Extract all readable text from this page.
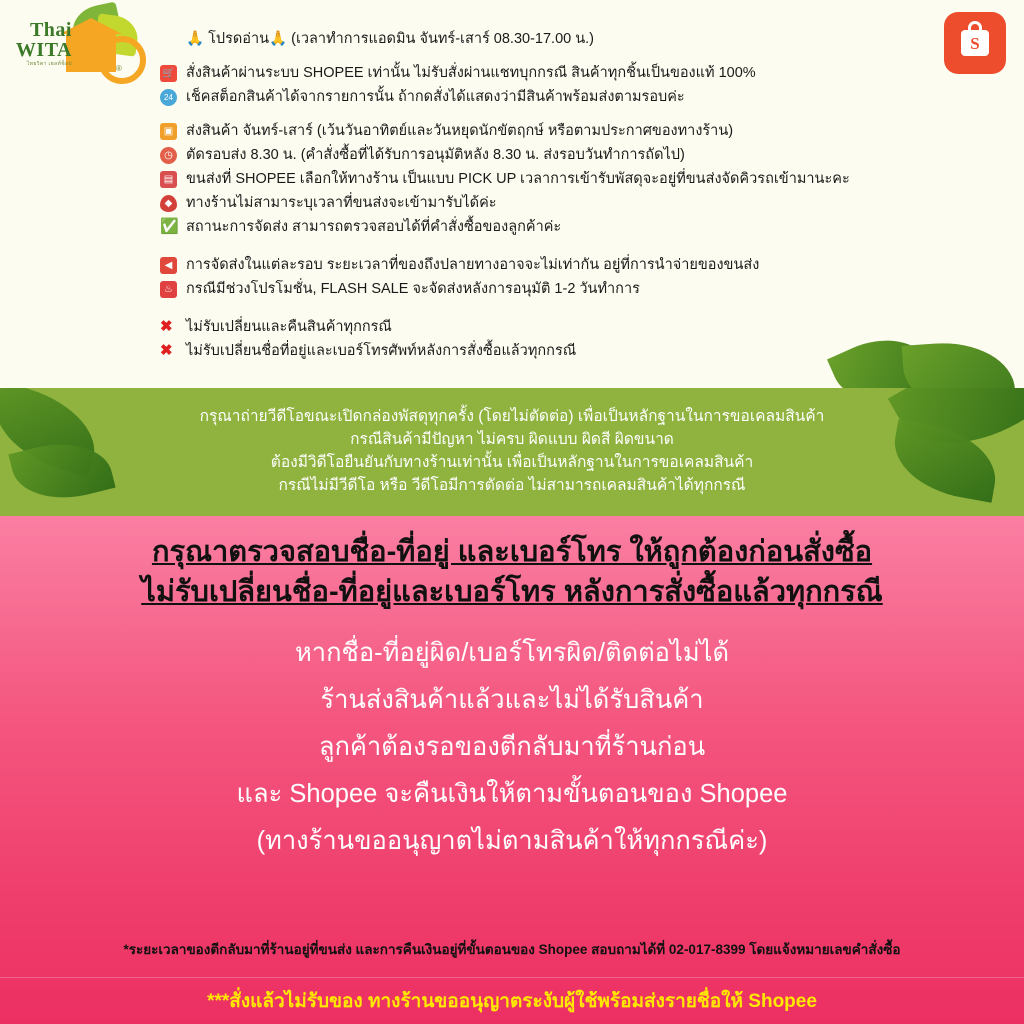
Thai
WITA
ไทยวิตา เฮลท์ช็อป	®
S
🙏 โปรดอ่าน🙏 (เวลาทำการแอดมิน จันทร์-เสาร์ 08.30-17.00 น.)
🛒 สั่งสินค้าผ่านระบบ SHOPEE เท่านั้น ไม่รับสั่งผ่านแชทบุกกรณี สินค้าทุกชิ้นเป็นของแท้ 100%
24 เช็คสต็อกสินค้าได้จากรายการนั้น ถ้ากดสั่งได้แสดงว่ามีสินค้าพร้อมส่งตามรอบค่ะ
▣ ส่งสินค้า จันทร์-เสาร์ (เว้นวันอาทิตย์และวันหยุดนักขัตฤกษ์ หรือตามประกาศของทางร้าน)
◷ ตัดรอบส่ง 8.30 น. (คำสั่งซื้อที่ได้รับการอนุมัติหลัง 8.30 น. ส่งรอบวันทำการถัดไป)
▤ ขนส่งที่ SHOPEE เลือกให้ทางร้าน เป็นแบบ PICK UP เวลาการเข้ารับพัสดุจะอยู่ที่ขนส่งจัดคิวรถเข้ามานะคะ
◆ ทางร้านไม่สามาระบุเวลาที่ขนส่งจะเข้ามารับได้ค่ะ
✅ สถานะการจัดส่ง สามารถตรวจสอบได้ที่คำสั่งซื้อของลูกค้าค่ะ
◀ การจัดส่งในแต่ละรอบ ระยะเวลาที่ของถึงปลายทางอาจจะไม่เท่ากัน อยู่ที่การนำจ่ายของขนส่ง
♨ กรณีมีช่วงโปรโมชั่น, FLASH SALE จะจัดส่งหลังการอนุมัติ 1-2 วันทำการ
✖ ไม่รับเปลี่ยนและคืนสินค้าทุกกรณี
✖ ไม่รับเปลี่ยนชื่อที่อยู่และเบอร์โทรศัพท์หลังการสั่งซื้อแล้วทุกกรณี
กรุณาถ่ายวีดีโอขณะเปิดกล่องพัสดุทุกครั้ง (โดยไม่ตัดต่อ) เพื่อเป็นหลักฐานในการขอเคลมสินค้า
กรณีสินค้ามีปัญหา ไม่ครบ ผิดแบบ ผิดสี ผิดขนาด
ต้องมีวิดีโอยืนยันกับทางร้านเท่านั้น เพื่อเป็นหลักฐานในการขอเคลมสินค้า
กรณีไม่มีวีดีโอ หรือ วีดีโอมีการตัดต่อ ไม่สามารถเคลมสินค้าได้ทุกกรณี
กรุณาตรวจสอบชื่อ-ที่อยู่ และเบอร์โทร ให้ถูกต้องก่อนสั่งซื้อ
ไม่รับเปลี่ยนชื่อ-ที่อยู่และเบอร์โทร หลังการสั่งซื้อแล้วทุกกรณี
หากชื่อ-ที่อยู่ผิด/เบอร์โทรผิด/ติดต่อไม่ได้
ร้านส่งสินค้าแล้วและไม่ได้รับสินค้า
ลูกค้าต้องรอของตีกลับมาที่ร้านก่อน
และ Shopee จะคืนเงินให้ตามขั้นตอนของ Shopee
(ทางร้านขออนุญาตไม่ตามสินค้าให้ทุกกรณีค่ะ)
*ระยะเวลาของตีกลับมาที่ร้านอยู่ที่ขนส่ง และการคืนเงินอยู่ที่ขั้นตอนของ Shopee สอบถามได้ที่ 02-017-8399 โดยแจ้งหมายเลขคำสั่งซื้อ
***สั่งแล้วไม่รับของ ทางร้านขออนุญาตระงับผู้ใช้พร้อมส่งรายชื่อให้ Shopee
